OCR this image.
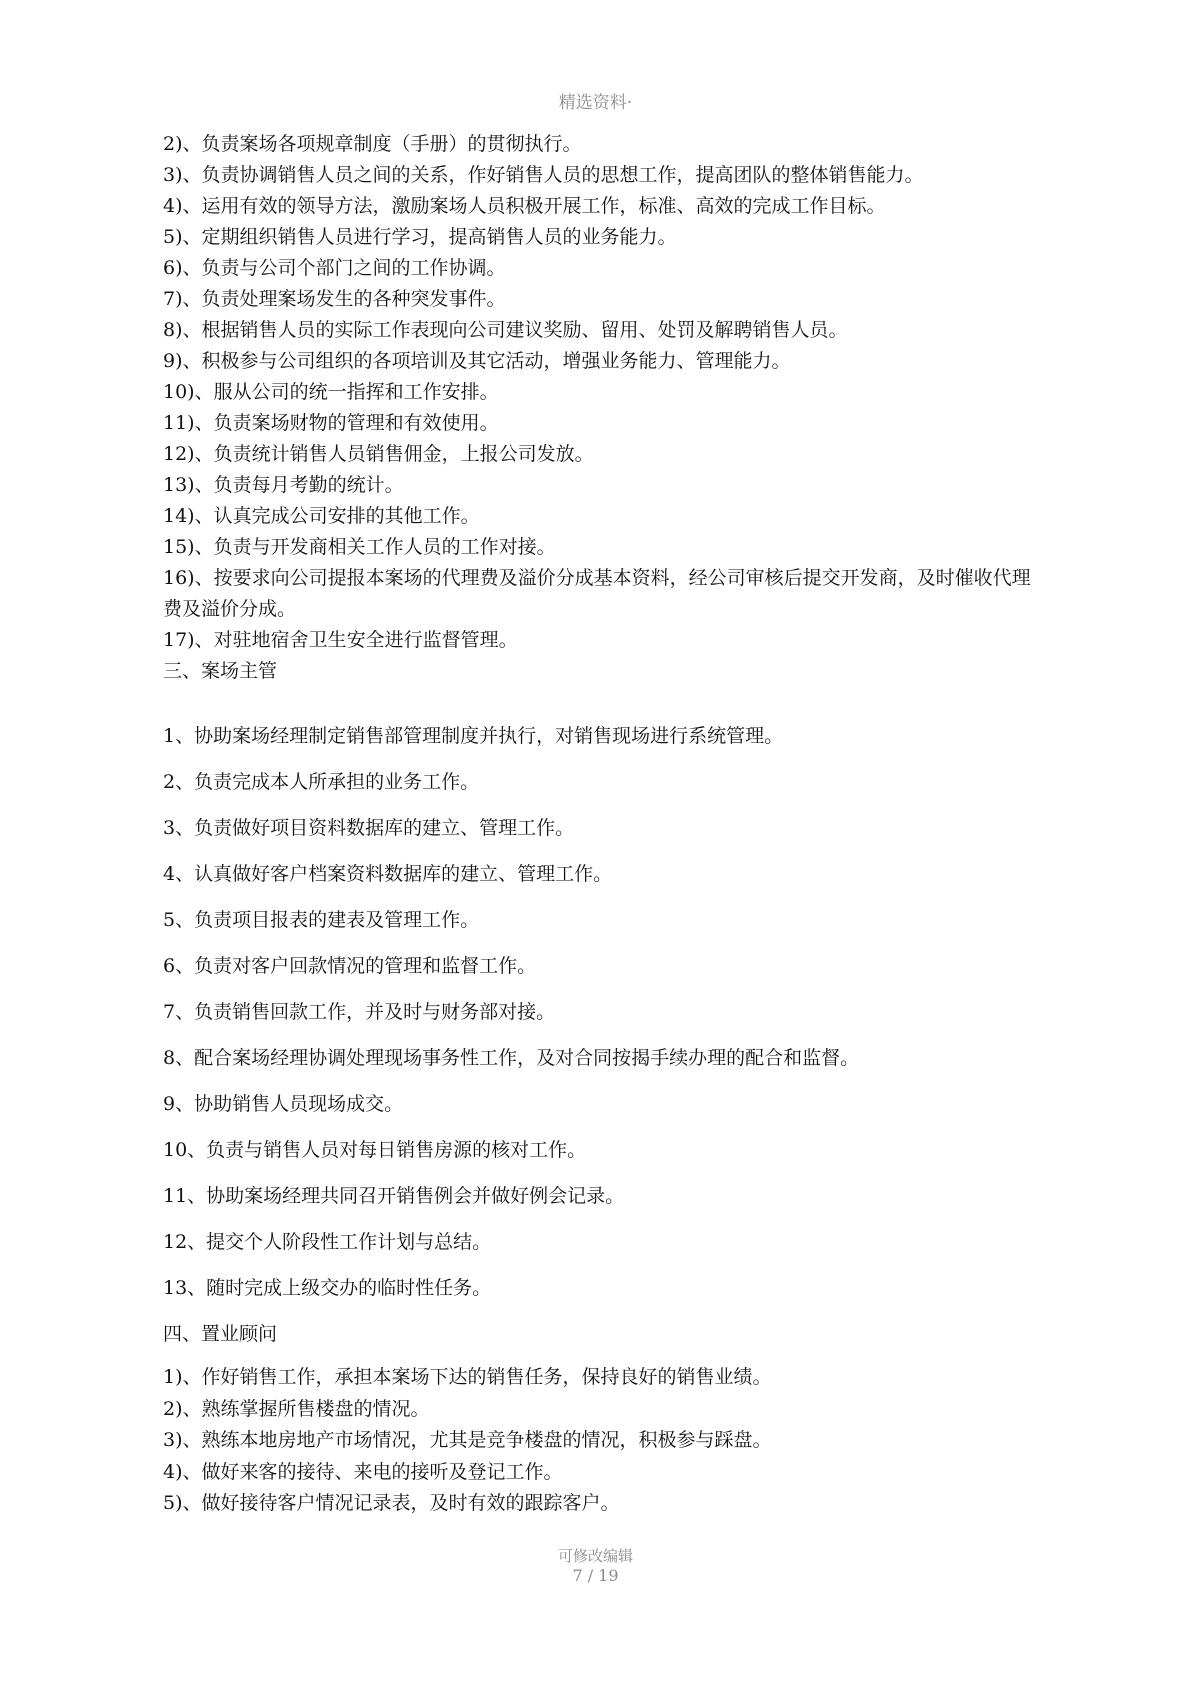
精选资料·
2)、负责案场各项规章制度（手册）的贯彻执行。
3)、负责协调销售人员之间的关系，作好销售人员的思想工作，提高团队的整体销售能力。
4)、运用有效的领导方法，激励案场人员积极开展工作，标准、高效的完成工作目标。
5)、定期组织销售人员进行学习，提高销售人员的业务能力。
6)、负责与公司个部门之间的工作协调。
7)、负责处理案场发生的各种突发事件。
8)、根据销售人员的实际工作表现向公司建议奖励、留用、处罚及解聘销售人员。
9)、积极参与公司组织的各项培训及其它活动，增强业务能力、管理能力。
10)、服从公司的统一指挥和工作安排。
11)、负责案场财物的管理和有效使用。
12)、负责统计销售人员销售佣金，上报公司发放。
13)、负责每月考勤的统计。
14)、认真完成公司安排的其他工作。
15)、负责与开发商相关工作人员的工作对接。
16)、按要求向公司提报本案场的代理费及溢价分成基本资料，经公司审核后提交开发商，及时催收代理费及溢价分成。
17)、对驻地宿舍卫生安全进行监督管理。
三、案场主管
1、协助案场经理制定销售部管理制度并执行，对销售现场进行系统管理。
2、负责完成本人所承担的业务工作。
3、负责做好项目资料数据库的建立、管理工作。
4、认真做好客户档案资料数据库的建立、管理工作。
5、负责项目报表的建表及管理工作。
6、负责对客户回款情况的管理和监督工作。
7、负责销售回款工作，并及时与财务部对接。
8、配合案场经理协调处理现场事务性工作，及对合同按揭手续办理的配合和监督。
9、协助销售人员现场成交。
10、负责与销售人员对每日销售房源的核对工作。
11、协助案场经理共同召开销售例会并做好例会记录。
12、提交个人阶段性工作计划与总结。
13、随时完成上级交办的临时性任务。
四、置业顾问
1)、作好销售工作，承担本案场下达的销售任务，保持良好的销售业绩。
2)、熟练掌握所售楼盘的情况。
3)、熟练本地房地产市场情况，尤其是竞争楼盘的情况，积极参与踩盘。
4)、做好来客的接待、来电的接听及登记工作。
5)、做好接待客户情况记录表，及时有效的跟踪客户。
可修改编辑
7 / 19
